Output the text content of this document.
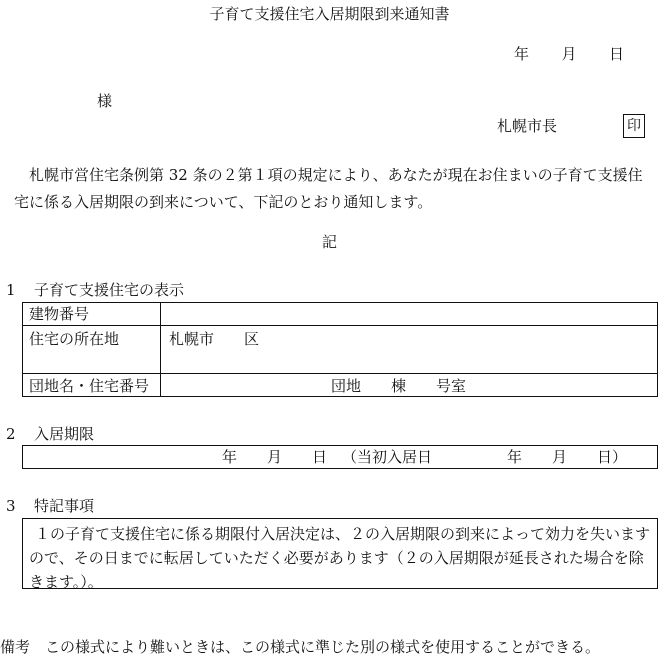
子育て支援住宅入居期限到来通知書
年 月 日
様
札幌市長	印
札幌市営住宅条例第 32 条の２第１項の規定により、あなたが現在お住まいの子育て支援住宅に係る入居期限の到来について、下記のとおり通知します。
記
1 子育て支援住宅の表示
建物番号
住宅の所在地	札幌市　　区
団地名・住宅番号	団地　　棟　　号室
2 入居期限
年　　月　　日 （当初入居日　　　　　年　　月　　日）
3 特記事項
１の子育て支援住宅に係る期限付入居決定は、２の入居期限の到来によって効力を失いますので、その日までに転居していただく必要があります（２の入居期限が延長された場合を除きます。）。
備考　この様式により難いときは、この様式に準じた別の様式を使用することができる。
